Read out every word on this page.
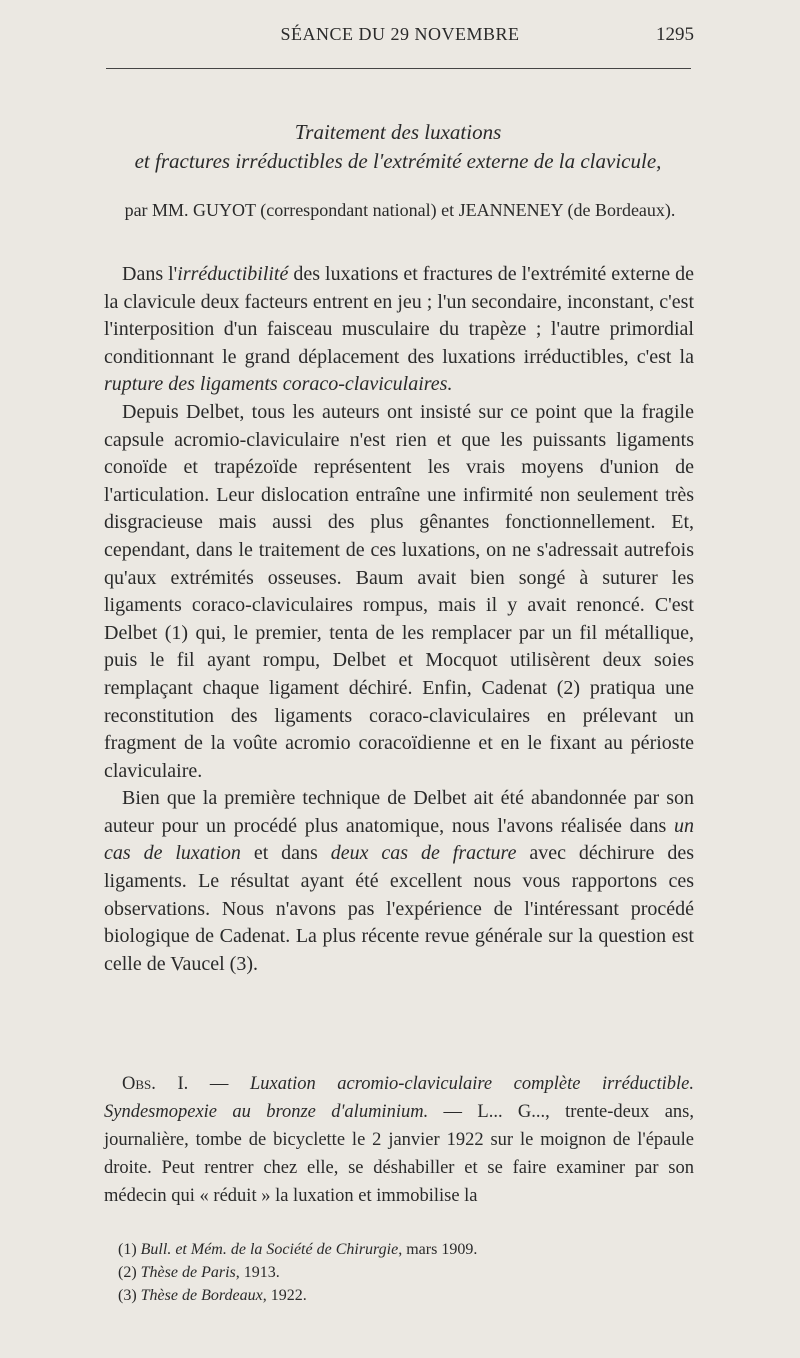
SÉANCE DU 29 NOVEMBRE	1295
Traitement des luxations
et fractures irréductibles de l'extrémité externe de la clavicule,
par MM. GUYOT (correspondant national) et JEANNENEY (de Bordeaux).

Dans l'irréductibilité des luxations et fractures de l'extrémité externe de la clavicule deux facteurs entrent en jeu ; l'un secondaire, inconstant, c'est l'interposition d'un faisceau musculaire du trapèze ; l'autre primordial conditionnant le grand déplacement des luxations irréductibles, c'est la rupture des ligaments coraco-claviculaires.

Depuis Delbet, tous les auteurs ont insisté sur ce point que la fragile capsule acromio-claviculaire n'est rien et que les puissants ligaments conoïde et trapézoïde représentent les vrais moyens d'union de l'articulation. Leur dislocation entraîne une infirmité non seulement très disgracieuse mais aussi des plus gênantes fonctionnellement. Et, cependant, dans le traitement de ces luxations, on ne s'adressait autrefois qu'aux extrémités osseuses. Baum avait bien songé à suturer les ligaments coraco-claviculaires rompus, mais il y avait renoncé. C'est Delbet (1) qui, le premier, tenta de les remplacer par un fil métallique, puis le fil ayant rompu, Delbet et Mocquot utilisèrent deux soies remplaçant chaque ligament déchiré. Enfin, Cadenat (2) pratiqua une reconstitution des ligaments coraco-claviculaires en prélevant un fragment de la voûte acromio coracoïdienne et en le fixant au périoste claviculaire.

Bien que la première technique de Delbet ait été abandonnée par son auteur pour un procédé plus anatomique, nous l'avons réalisée dans un cas de luxation et dans deux cas de fracture avec déchirure des ligaments. Le résultat ayant été excellent nous vous rapportons ces observations. Nous n'avons pas l'expérience de l'intéressant procédé biologique de Cadenat. La plus récente revue générale sur la question est celle de Vaucel (3).

Obs. I. — Luxation acromio-claviculaire complète irréductible. Syndesmopexie au bronze d'aluminium. — L... G..., trente-deux ans, journalière, tombe de bicyclette le 2 janvier 1922 sur le moignon de l'épaule droite. Peut rentrer chez elle, se déshabiller et se faire examiner par son médecin qui « réduit » la luxation et immobilise la

(1) Bull. et Mém. de la Société de Chirurgie, mars 1909.
(2) Thèse de Paris, 1913.
(3) Thèse de Bordeaux, 1922.
